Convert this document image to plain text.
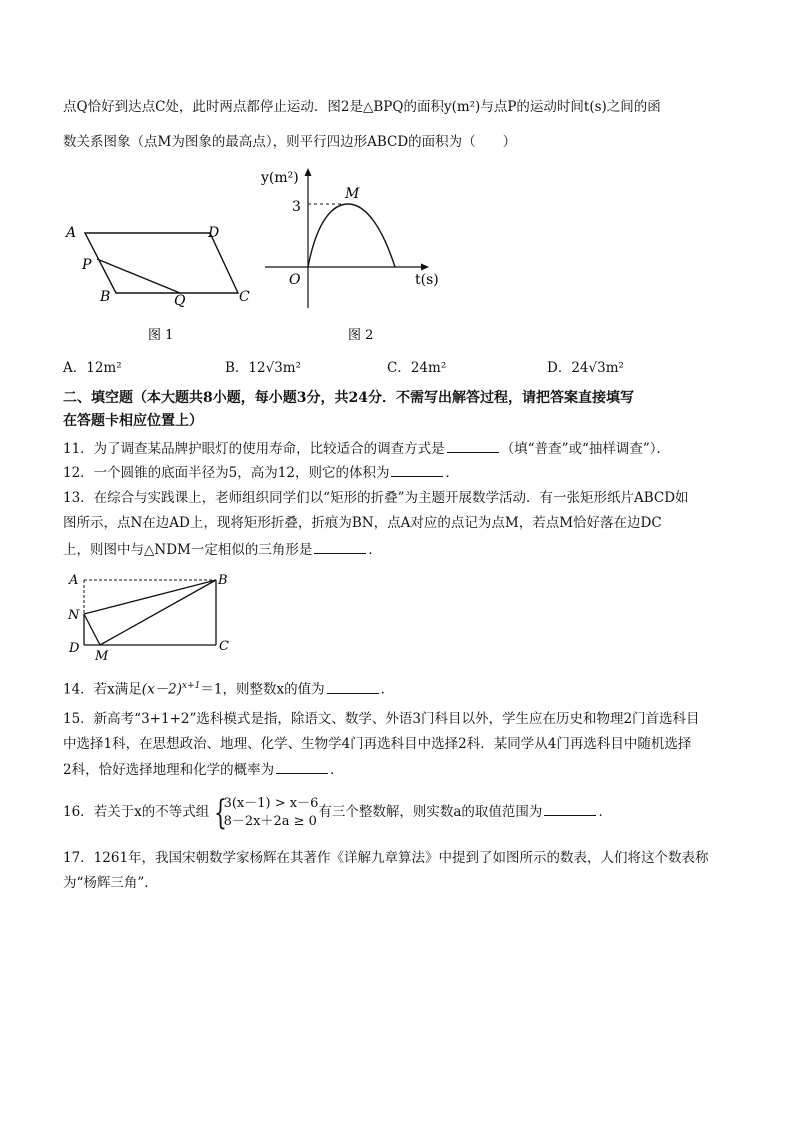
点Q恰好到达点C处，此时两点都停止运动．图2是△BPQ的面积y(m²)与点P的运动时间t(s)之间的函
数关系图象（点M为图象的最高点），则平行四边形ABCD的面积为（　　）
A	D
P
B	Q	C
图 1
y(m²)
3
M
O	t(s)
图 2
A．12m²	B．12√3m²	C．24m²	D．24√3m²
二、填空题（本大题共8小题，每小题3分，共24分．不需写出解答过程，请把答案直接填写
在答题卡相应位置上）
11．为了调查某品牌护眼灯的使用寿命，比较适合的调查方式是	（填“普查”或“抽样调查”）．
12．一个圆锥的底面半径为5，高为12，则它的体积为	．
13．在综合与实践课上，老师组织同学们以“矩形的折叠”为主题开展数学活动．有一张矩形纸片ABCD如
图所示，点N在边AD上，现将矩形折叠，折痕为BN，点A对应的点记为点M，若点M恰好落在边DC
上，则图中与△NDM一定相似的三角形是	．
A	B
N
D
M
C
14．若x满足$(x-2)^{x+1}=1$，则整数x的值为	．
15．新高考“3+1+2”选科模式是指，除语文、数学、外语3门科目以外，学生应在历史和物理2门首选科目
中选择1科，在思想政治、地理、化学、生物学4门再选科目中选择2科．某同学从4门再选科目中随机选择
2科，恰好选择地理和化学的概率为	．
16．若关于x的不等式组 {
3(x－1) > x－6
8－2x＋2a ≥ 0
有三个整数解，则实数a的取值范围为	．
17．1261年，我国宋朝数学家杨辉在其著作《详解九章算法》中提到了如图所示的数表，人们将这个数表称
为“杨辉三角”．
